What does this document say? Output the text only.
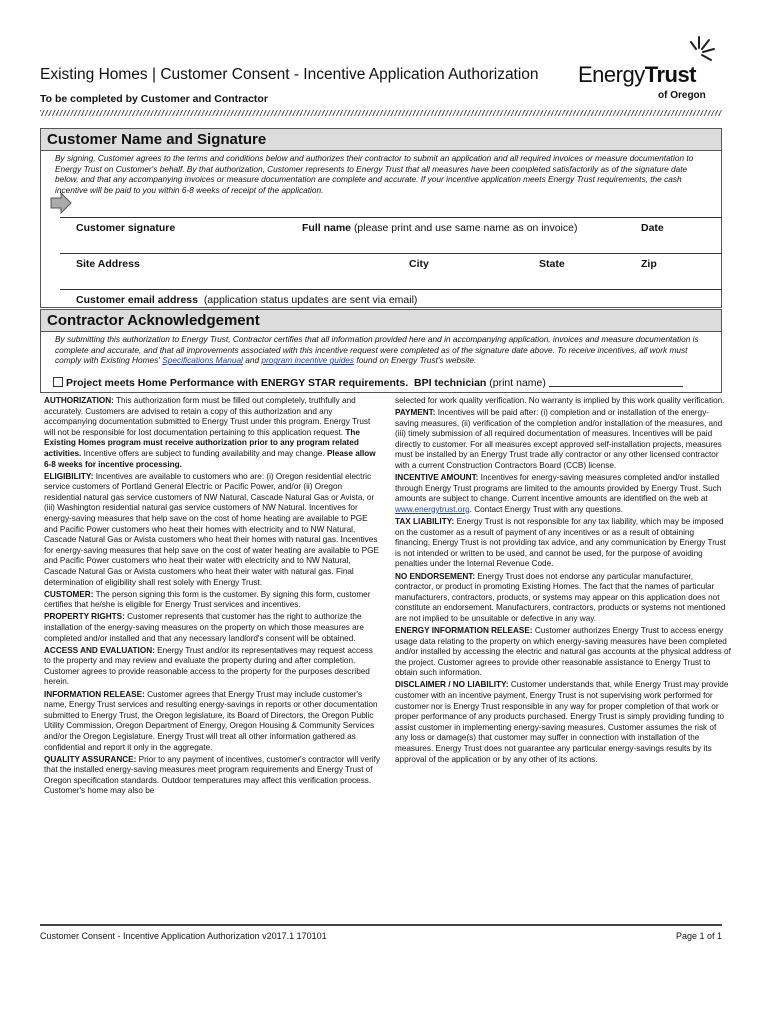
Existing Homes | Customer Consent - Incentive Application Authorization
To be completed by Customer and Contractor
EnergyTrust
of Oregon
Customer Name and Signature
By signing, Customer agrees to the terms and conditions below and authorizes their contractor to submit an application and all required invoices or measure documentation to Energy Trust on Customer's behalf. By that authorization, Customer represents to Energy Trust that all measures have been completed satisfactorily as of the signature date below, and that any accompanying invoices or measure documentation are complete and accurate. If your incentive application meets Energy Trust requirements, the cash incentive will be paid to you within 6-8 weeks of receipt of the application.
Customer signature	Full name (please print and use same name as on invoice)	Date
Site Address	City	State	Zip
Customer email address (application status updates are sent via email)
Contractor Acknowledgement
By submitting this authorization to Energy Trust, Contractor certifies that all information provided here and in accompanying application, invoices and measure documentation is complete and accurate, and that all improvements associated with this incentive request were completed as of the signature date above. To receive incentives, all work must comply with Existing Homes' Specifications Manual and program incentive guides found on Energy Trust's website.
Project meets Home Performance with ENERGY STAR requirements. BPI technician (print name)

AUTHORIZATION: This authorization form must be filled out completely, truthfully and accurately. Customers are advised to retain a copy of this authorization and any accompanying documentation submitted to Energy Trust under this program. Energy Trust will not be responsible for lost documentation pertaining to this application request. The Existing Homes program must receive authorization prior to any program related activities. Incentive offers are subject to funding availability and may change. Please allow 6-8 weeks for incentive processing.

ELIGIBILITY: Incentives are available to customers who are: (i) Oregon residential electric service customers of Portland General Electric or Pacific Power, and/or (ii) Oregon residential natural gas service customers of NW Natural, Cascade Natural Gas or Avista, or (iii) Washington residential natural gas service customers of NW Natural. Incentives for energy-saving measures that help save on the cost of home heating are available to PGE and Pacific Power customers who heat their homes with electricity and to NW Natural, Cascade Natural Gas or Avista customers who heat their homes with natural gas. Incentives for energy-saving measures that help save on the cost of water heating are available to PGE and Pacific Power customers who heat their water with electricity and to NW Natural, Cascade Natural Gas or Avista customers who heat their water with natural gas. Final determination of eligibility shall rest solely with Energy Trust.

CUSTOMER: The person signing this form is the customer. By signing this form, customer certifies that he/she is eligible for Energy Trust services and incentives.

PROPERTY RIGHTS: Customer represents that customer has the right to authorize the installation of the energy-saving measures on the property on which those measures are completed and/or installed and that any necessary landlord's consent will be obtained.

ACCESS AND EVALUATION: Energy Trust and/or its representatives may request access to the property and may review and evaluate the property during and after completion. Customer agrees to provide reasonable access to the property for the purposes described herein.

INFORMATION RELEASE: Customer agrees that Energy Trust may include customer's name, Energy Trust services and resulting energy-savings in reports or other documentation submitted to Energy Trust, the Oregon legislature, its Board of Directors, the Oregon Public Utility Commission, Oregon Department of Energy, Oregon Housing & Community Services and/or the Oregon Legislature. Energy Trust will treat all other information gathered as confidential and report it only in the aggregate.

QUALITY ASSURANCE: Prior to any payment of incentives, customer's contractor will verify that the installed energy-saving measures meet program requirements and Energy Trust of Oregon specification standards. Outdoor temperatures may affect this verification process. Customer's home may also be

selected for work quality verification. No warranty is implied by this work quality verification.

PAYMENT: Incentives will be paid after: (i) completion and or installation of the energy-saving measures, (ii) verification of the completion and/or installation of the measures, and (iii) timely submission of all required documentation of measures. Incentives will be paid directly to customer. For all measures except approved self-installation projects, measures must be installed by an Energy Trust trade ally contractor or any other licensed contractor with a current Construction Contractors Board (CCB) license.

INCENTIVE AMOUNT: Incentives for energy-saving measures completed and/or installed through Energy Trust programs are limited to the amounts provided by Energy Trust. Such amounts are subject to change. Current incentive amounts are identified on the web at www.energytrust.org. Contact Energy Trust with any questions.

TAX LIABILITY: Energy Trust is not responsible for any tax liability, which may be imposed on the customer as a result of payment of any incentives or as a result of obtaining financing. Energy Trust is not providing tax advice, and any communication by Energy Trust is not intended or written to be used, and cannot be used, for the purpose of avoiding penalties under the Internal Revenue Code.

NO ENDORSEMENT: Energy Trust does not endorse any particular manufacturer, contractor, or product in promoting Existing Homes. The fact that the names of particular manufacturers, contractors, products, or systems may appear on this application does not constitute an endorsement. Manufacturers, contractors, products or systems not mentioned are not implied to be unsuitable or defective in any way.

ENERGY INFORMATION RELEASE: Customer authorizes Energy Trust to access energy usage data relating to the property on which energy-saving measures have been completed and/or installed by accessing the electric and natural gas accounts at the physical address of the project. Customer agrees to provide other reasonable assistance to Energy Trust to obtain such information.

DISCLAIMER / NO LIABILITY: Customer understands that, while Energy Trust may provide customer with an incentive payment, Energy Trust is not supervising work performed for customer nor is Energy Trust responsible in any way for proper completion of that work or proper performance of any products purchased. Energy Trust is simply providing funding to assist customer in implementing energy-saving measures. Customer assumes the risk of any loss or damage(s) that customer may suffer in connection with installation of the measures. Energy Trust does not guarantee any particular energy-savings results by its approval of the application or by any other of its actions.

Customer Consent - Incentive Application Authorization v2017.1 170101	Page 1 of 1
